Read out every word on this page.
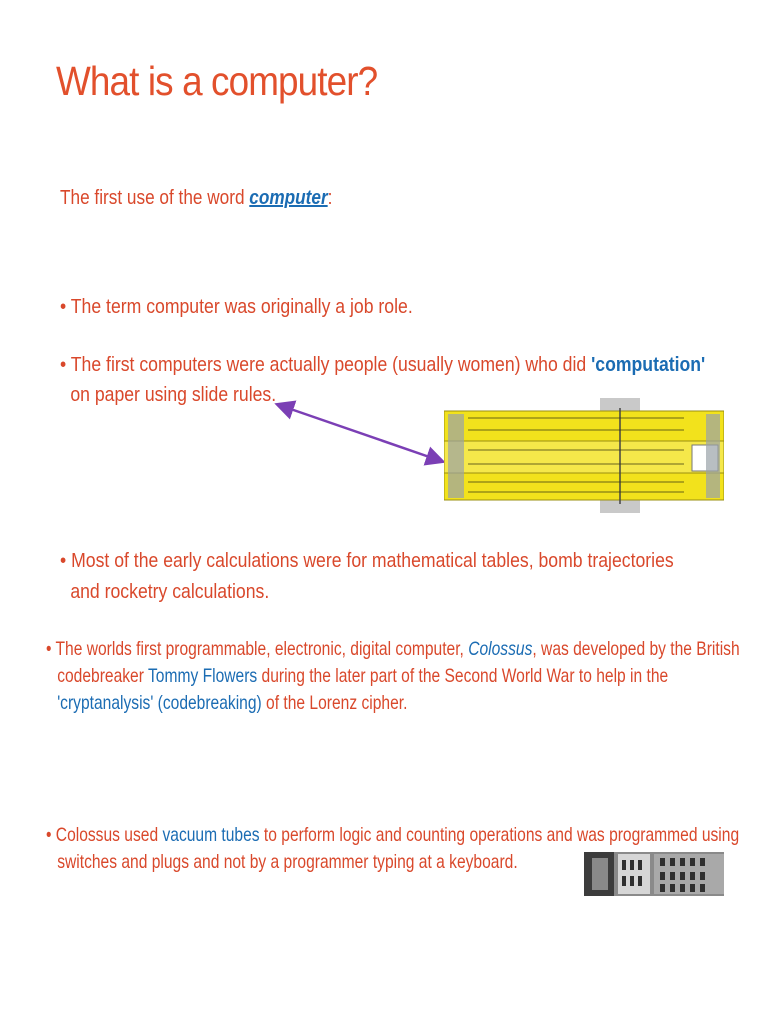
What is a computer?
The first use of the word computer:
• The term computer was originally a job role.
• The first computers were actually people (usually women) who did 'computation'
on paper using slide rules.
• Most of the early calculations were for mathematical tables, bomb trajectories
and rocketry calculations.
• The worlds first programmable, electronic, digital computer, Colossus, was developed by the British
codebreaker Tommy Flowers during the later part of the Second World War to help in the
'cryptanalysis' (codebreaking) of the Lorenz cipher.
• Colossus used vacuum tubes to perform logic and counting operations and was programmed using
switches and plugs and not by a programmer typing at a keyboard.
